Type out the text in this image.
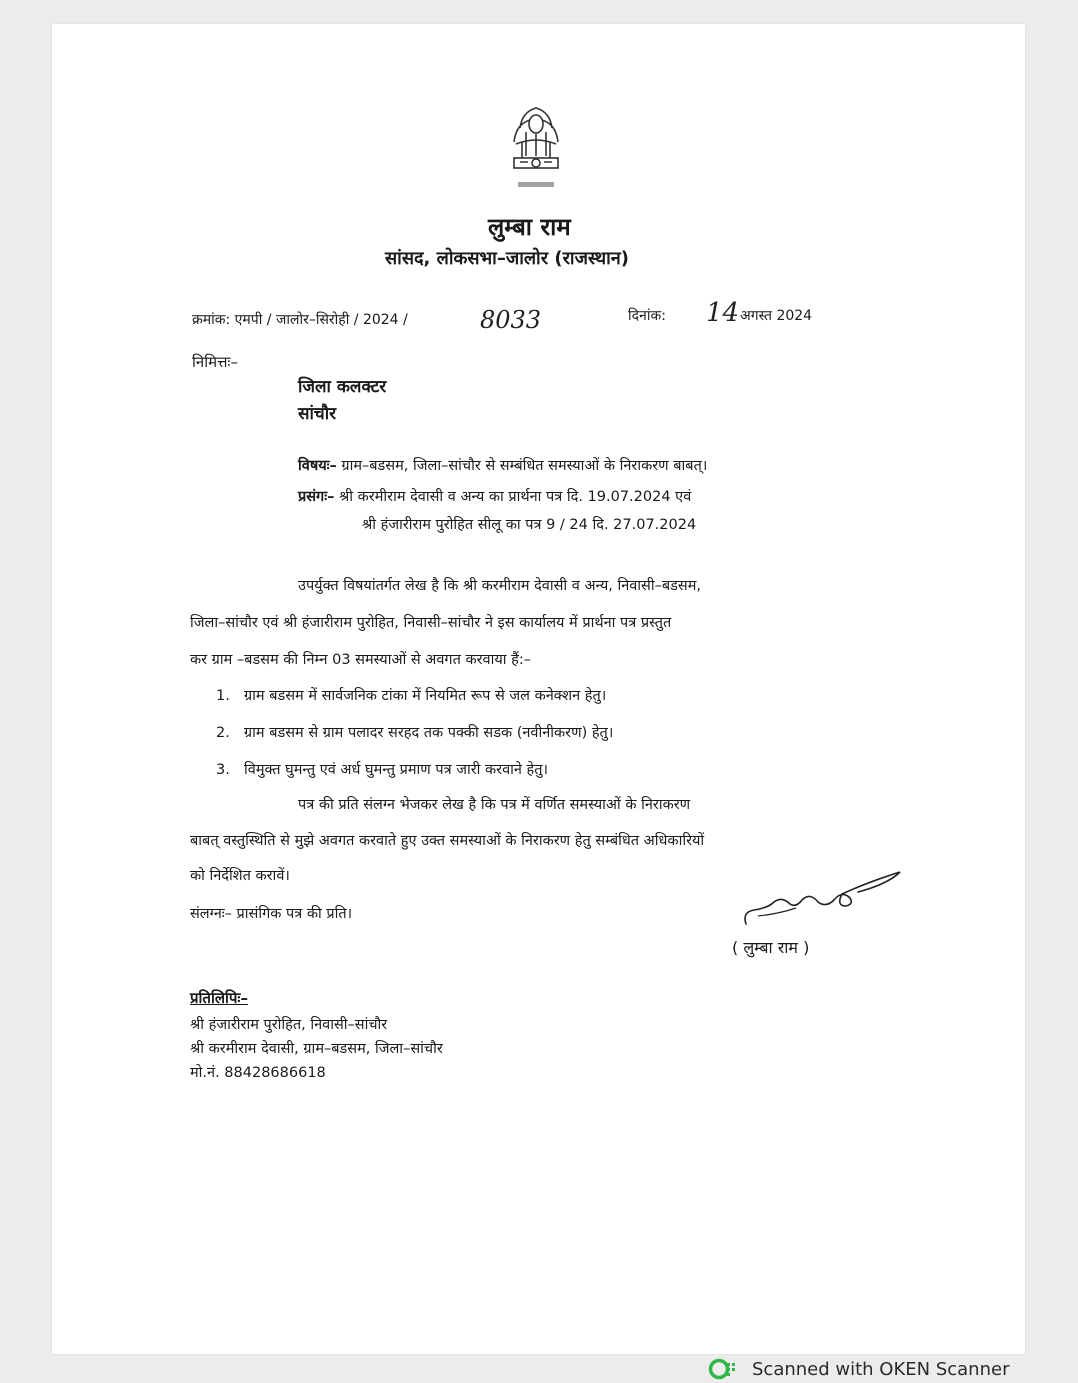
लुम्बा राम
सांसद, लोकसभा–जालोर (राजस्थान)
क्रमांक: एमपी / जालोर–सिरोही / 2024 /	8033	दिनांक: 14 अगस्त 2024
निमित्तः–
जिला कलक्टर
सांचौर
विषयः– ग्राम–बडसम, जिला–सांचौर से सम्बंधित समस्याओं के निराकरण बाबत्।
प्रसंगः– श्री करमीराम देवासी व अन्य का प्रार्थना पत्र दि. 19.07.2024 एवं
श्री हंजारीराम पुरोहित सीलू का पत्र 9 / 24 दि. 27.07.2024
उपर्युक्त विषयांतर्गत लेख है कि श्री करमीराम देवासी व अन्य, निवासी–बडसम,
जिला–सांचौर एवं श्री हंजारीराम पुरोहित, निवासी–सांचौर ने इस कार्यालय में प्रार्थना पत्र प्रस्तुत
कर ग्राम –बडसम की निम्न 03 समस्याओं से अवगत करवाया हैं:–
1. ग्राम बडसम में सार्वजनिक टांका में नियमित रूप से जल कनेक्शन हेतु।
2. ग्राम बडसम से ग्राम पलादर सरहद तक पक्की सडक (नवीनीकरण) हेतु।
3. विमुक्त घुमन्तु एवं अर्ध घुमन्तु प्रमाण पत्र जारी करवाने हेतु।
पत्र की प्रति संलग्न भेजकर लेख है कि पत्र में वर्णित समस्याओं के निराकरण
बाबत् वस्तुस्थिति से मुझे अवगत करवाते हुए उक्त समस्याओं के निराकरण हेतु सम्बंधित अधिकारियों
को निर्देशित करावें।
संलग्नः– प्रासंगिक पत्र की प्रति।
( लुम्बा राम )
प्रतिलिपिः–
श्री हंजारीराम पुरोहित, निवासी–सांचौर
श्री करमीराम देवासी, ग्राम–बडसम, जिला–सांचौर
मो.नं. 88428686618
Scanned with OKEN Scanner
